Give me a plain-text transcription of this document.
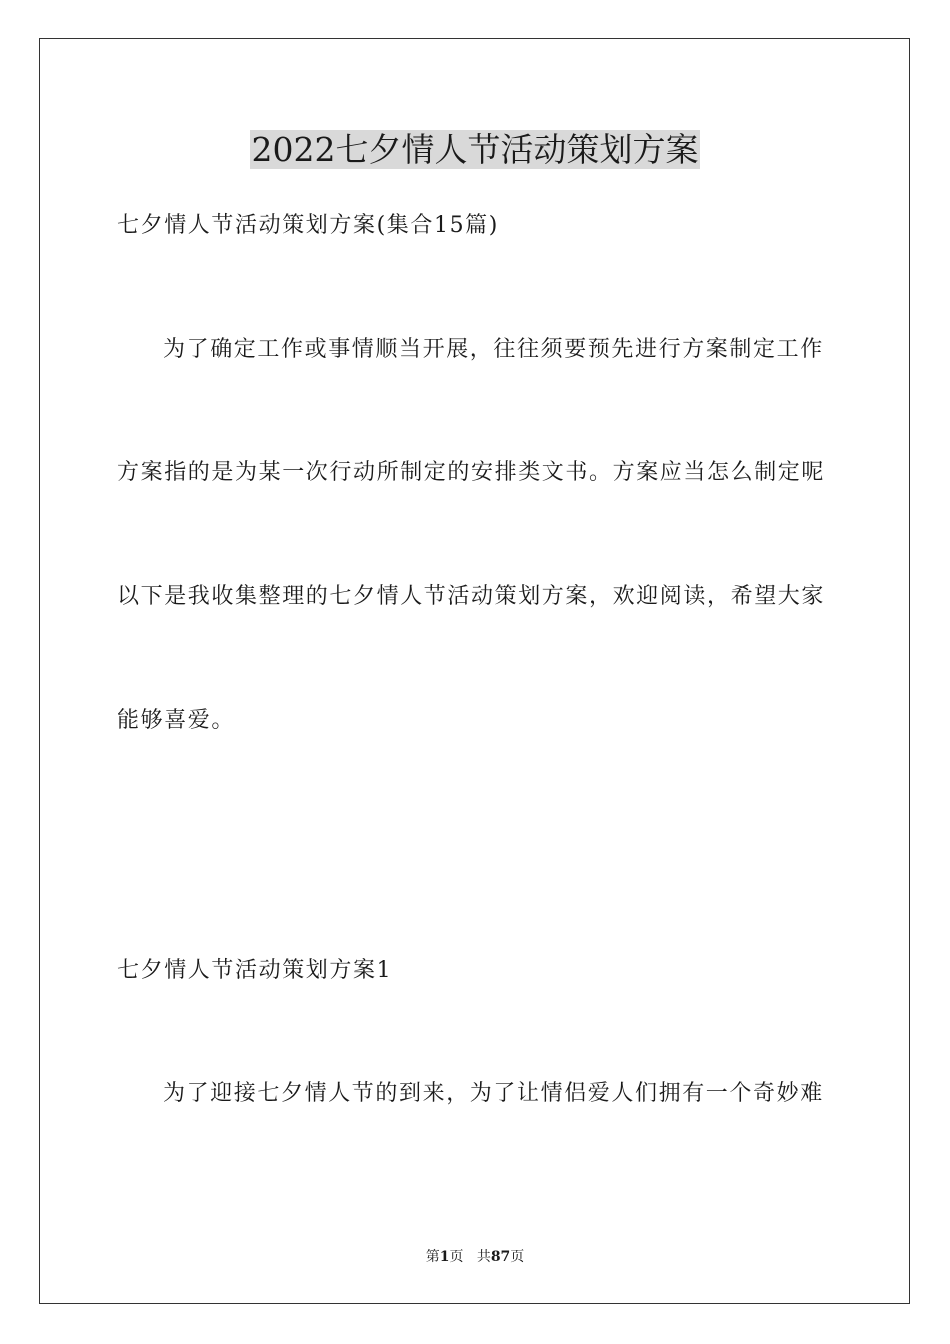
2022七夕情人节活动策划方案
七夕情人节活动策划方案(集合15篇)
为了确定工作或事情顺当开展，往往须要预先进行方案制定工作
方案指的是为某一次行动所制定的安排类文书。方案应当怎么制定呢
以下是我收集整理的七夕情人节活动策划方案，欢迎阅读，希望大家
能够喜爱。
七夕情人节活动策划方案1
为了迎接七夕情人节的到来，为了让情侣爱人们拥有一个奇妙难
第1页 共87页
